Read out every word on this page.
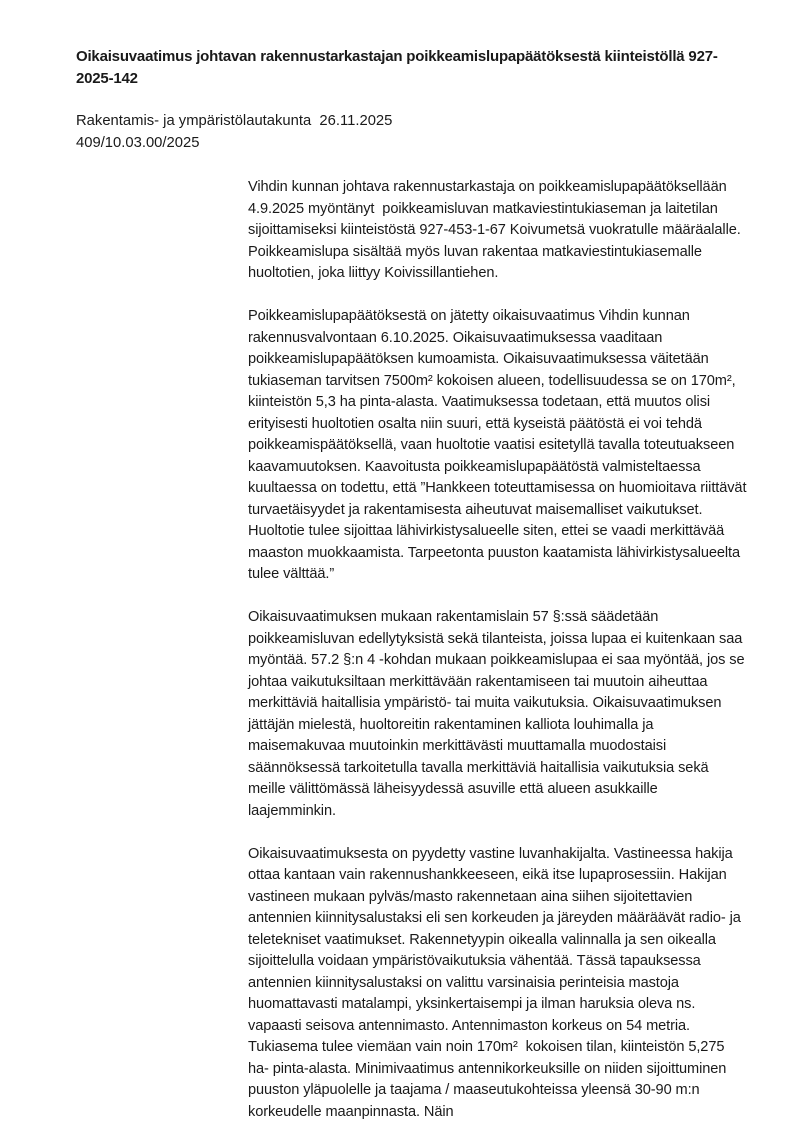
Oikaisuvaatimus johtavan rakennustarkastajan poikkeamislupapäätöksestä kiinteistöllä 927-2025-142
Rakentamis- ja ympäristölautakunta  26.11.2025
409/10.03.00/2025

Vihdin kunnan johtava rakennustarkastaja on poikkeamislupapäätöksellään 4.9.2025 myöntänyt  poikkeamisluvan matkaviestintukiaseman ja laitetilan sijoittamiseksi kiinteistöstä 927-453-1-67 Koivumetsä vuokratulle määräalalle. Poikkeamislupa sisältää myös luvan rakentaa matkaviestintukiasemalle huoltotien, joka liittyy Koivissillantiehen.

Poikkeamislupapäätöksestä on jätetty oikaisuvaatimus Vihdin kunnan rakennusvalvontaan 6.10.2025. Oikaisuvaatimuksessa vaaditaan poikkeamislupapäätöksen kumoamista. Oikaisuvaatimuksessa väitetään tukiaseman tarvitsen 7500m² kokoisen alueen, todellisuudessa se on 170m², kiinteistön 5,3 ha pinta-alasta. Vaatimuksessa todetaan, että muutos olisi erityisesti huoltotien osalta niin suuri, että kyseistä päätöstä ei voi tehdä poikkeamispäätöksellä, vaan huoltotie vaatisi esitetyllä tavalla toteutuakseen kaavamuutoksen. Kaavoitusta poikkeamislupapäätöstä valmisteltaessa kuultaessa on todettu, että ”Hankkeen toteuttamisessa on huomioitava riittävät turvaetäisyydet ja rakentamisesta aiheutuvat maisemalliset vaikutukset. Huoltotie tulee sijoittaa lähivirkistysalueelle siten, ettei se vaadi merkittävää maaston muokkaamista. Tarpeetonta puuston kaatamista lähivirkistysalueelta tulee välttää.”

Oikaisuvaatimuksen mukaan rakentamislain 57 §:ssä säädetään poikkeamisluvan edellytyksistä sekä tilanteista, joissa lupaa ei kuitenkaan saa myöntää. 57.2 §:n 4 -kohdan mukaan poikkeamislupaa ei saa myöntää, jos se johtaa vaikutuksiltaan merkittävään rakentamiseen tai muutoin aiheuttaa merkittäviä haitallisia ympäristö- tai muita vaikutuksia. Oikaisuvaatimuksen jättäjän mielestä, huoltoreitin rakentaminen kalliota louhimalla ja maisemakuvaa muutoinkin merkittävästi muuttamalla muodostaisi säännöksessä tarkoitetulla tavalla merkittäviä haitallisia vaikutuksia sekä meille välittömässä läheisyydessä asuville että alueen asukkaille laajemminkin.

Oikaisuvaatimuksesta on pyydetty vastine luvanhakijalta. Vastineessa hakija ottaa kantaan vain rakennushankkeeseen, eikä itse lupaprosessiin. Hakijan vastineen mukaan pylväs/masto rakennetaan aina siihen sijoitettavien antennien kiinnitysalustaksi eli sen korkeuden ja järeyden määräävät radio- ja teletekniset vaatimukset. Rakennetyypin oikealla valinnalla ja sen oikealla sijoittelulla voidaan ympäristövaikutuksia vähentää. Tässä tapauksessa antennien kiinnitysalustaksi on valittu varsinaisia perinteisia mastoja huomattavasti matalampi, yksinkertaisempi ja ilman haruksia oleva ns. vapaasti seisova antennimasto. Antennimaston korkeus on 54 metria. Tukiasema tulee viemäan vain noin 170m²  kokoisen tilan, kiinteistön 5,275 ha- pinta-alasta. Minimivaatimus antennikorkeuksille on niiden sijoittuminen puuston yläpuolelle ja taajama / maaseutukohteissa yleensä 30-90 m:n korkeudelle maanpinnasta. Näin
